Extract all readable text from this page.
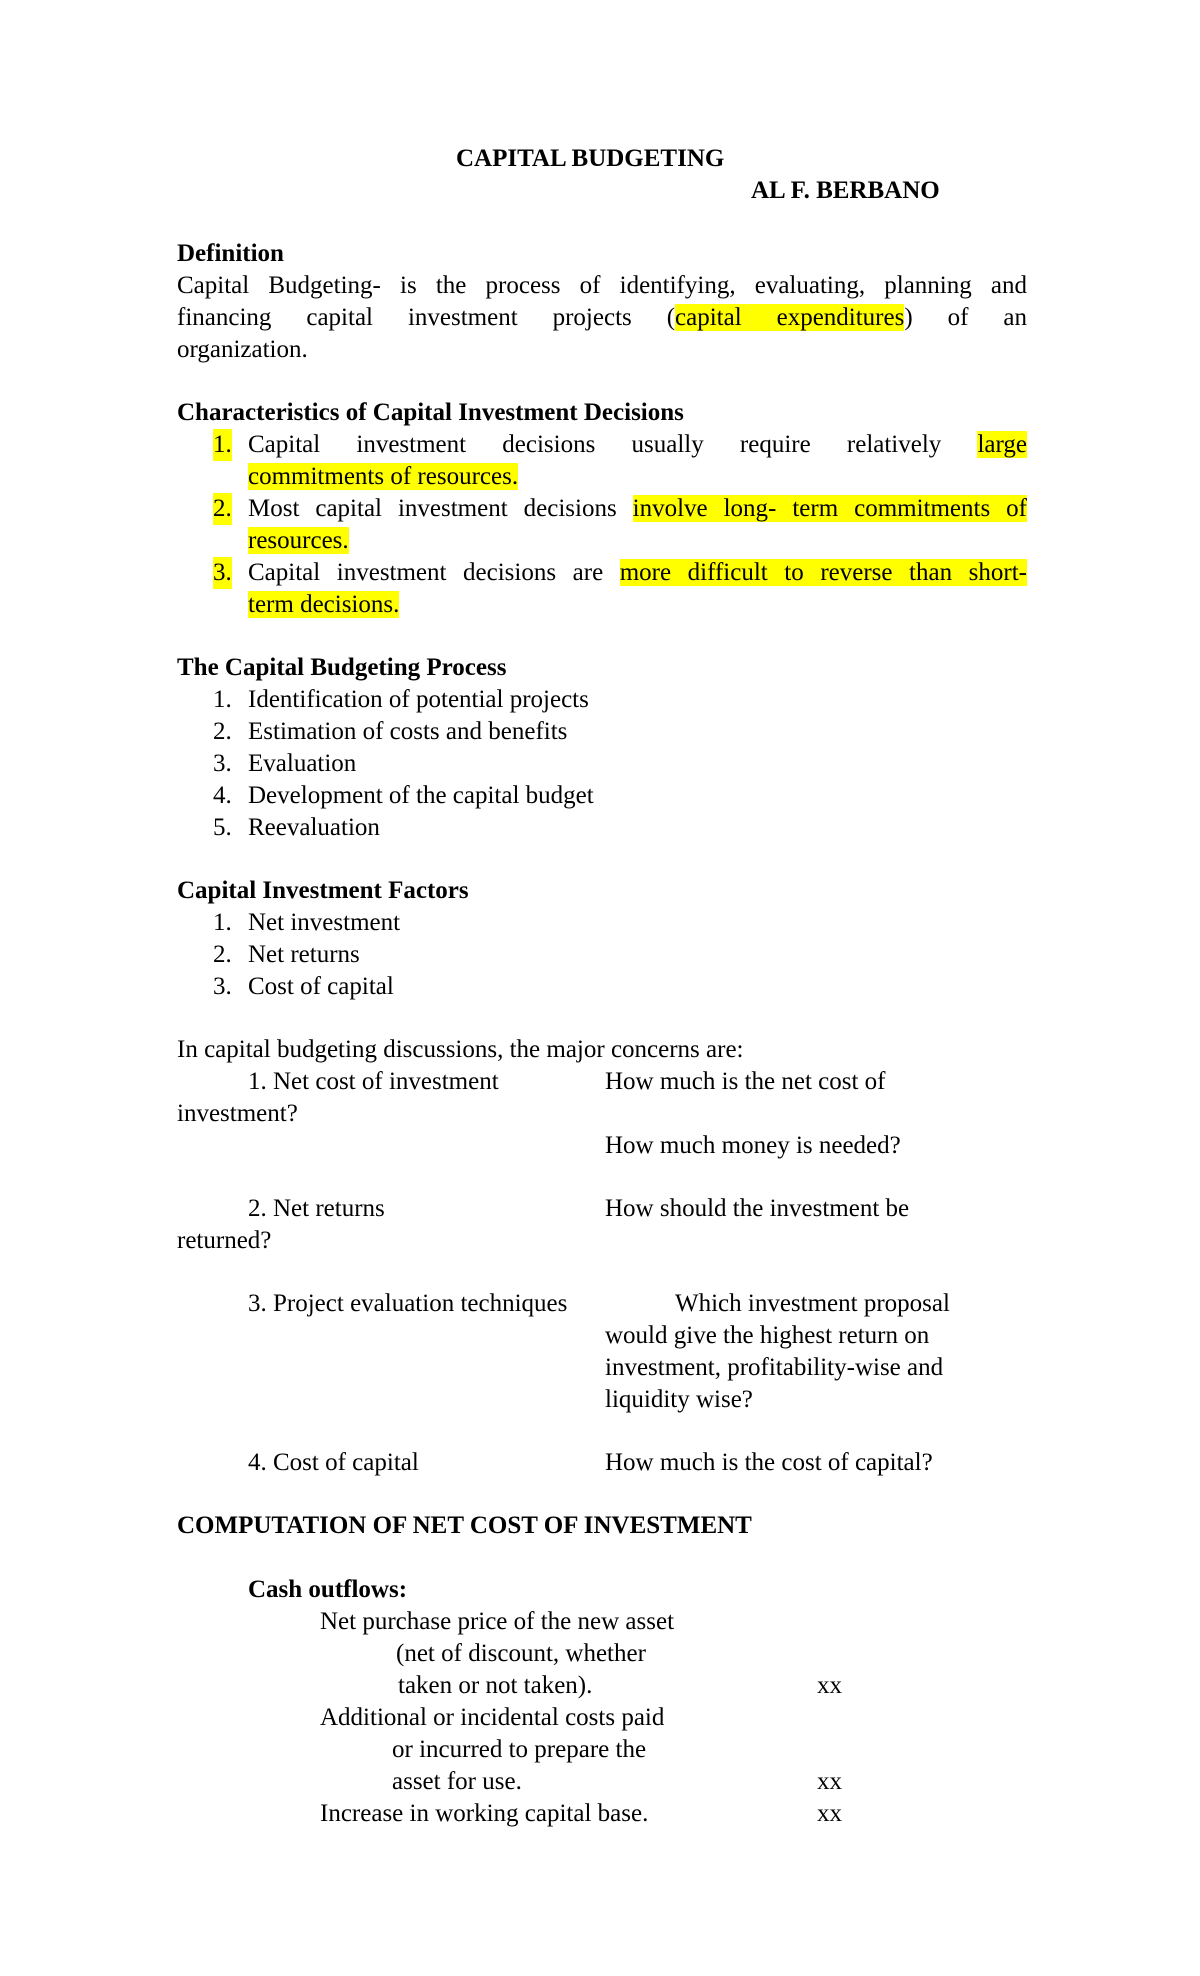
CAPITAL BUDGETING
AL F. BERBANO
Definition
Capital Budgeting- is the process of identifying, evaluating, planning and
financing capital investment projects (capital expenditures) of an
organization.
Characteristics of Capital Investment Decisions
1. Capital investment decisions usually require relatively large
commitments of resources.
2. Most capital investment decisions involve long- term commitments of
resources.
3. Capital investment decisions are more difficult to reverse than short-
term decisions.
The Capital Budgeting Process
1. Identification of potential projects
2. Estimation of costs and benefits
3. Evaluation
4. Development of the capital budget
5. Reevaluation
Capital Investment Factors
1. Net investment
2. Net returns
3. Cost of capital
In capital budgeting discussions, the major concerns are:
1. Net cost of investment	How much is the net cost of
investment?
How much money is needed?
2. Net returns	How should the investment be
returned?
3. Project evaluation techniques	Which investment proposal
would give the highest return on
investment, profitability-wise and
liquidity wise?
4. Cost of capital	How much is the cost of capital?
COMPUTATION OF NET COST OF INVESTMENT
Cash outflows:
Net purchase price of the new asset
(net of discount, whether
taken or not taken).	xx
Additional or incidental costs paid
or incurred to prepare the
asset for use.	xx
Increase in working capital base.	xx
